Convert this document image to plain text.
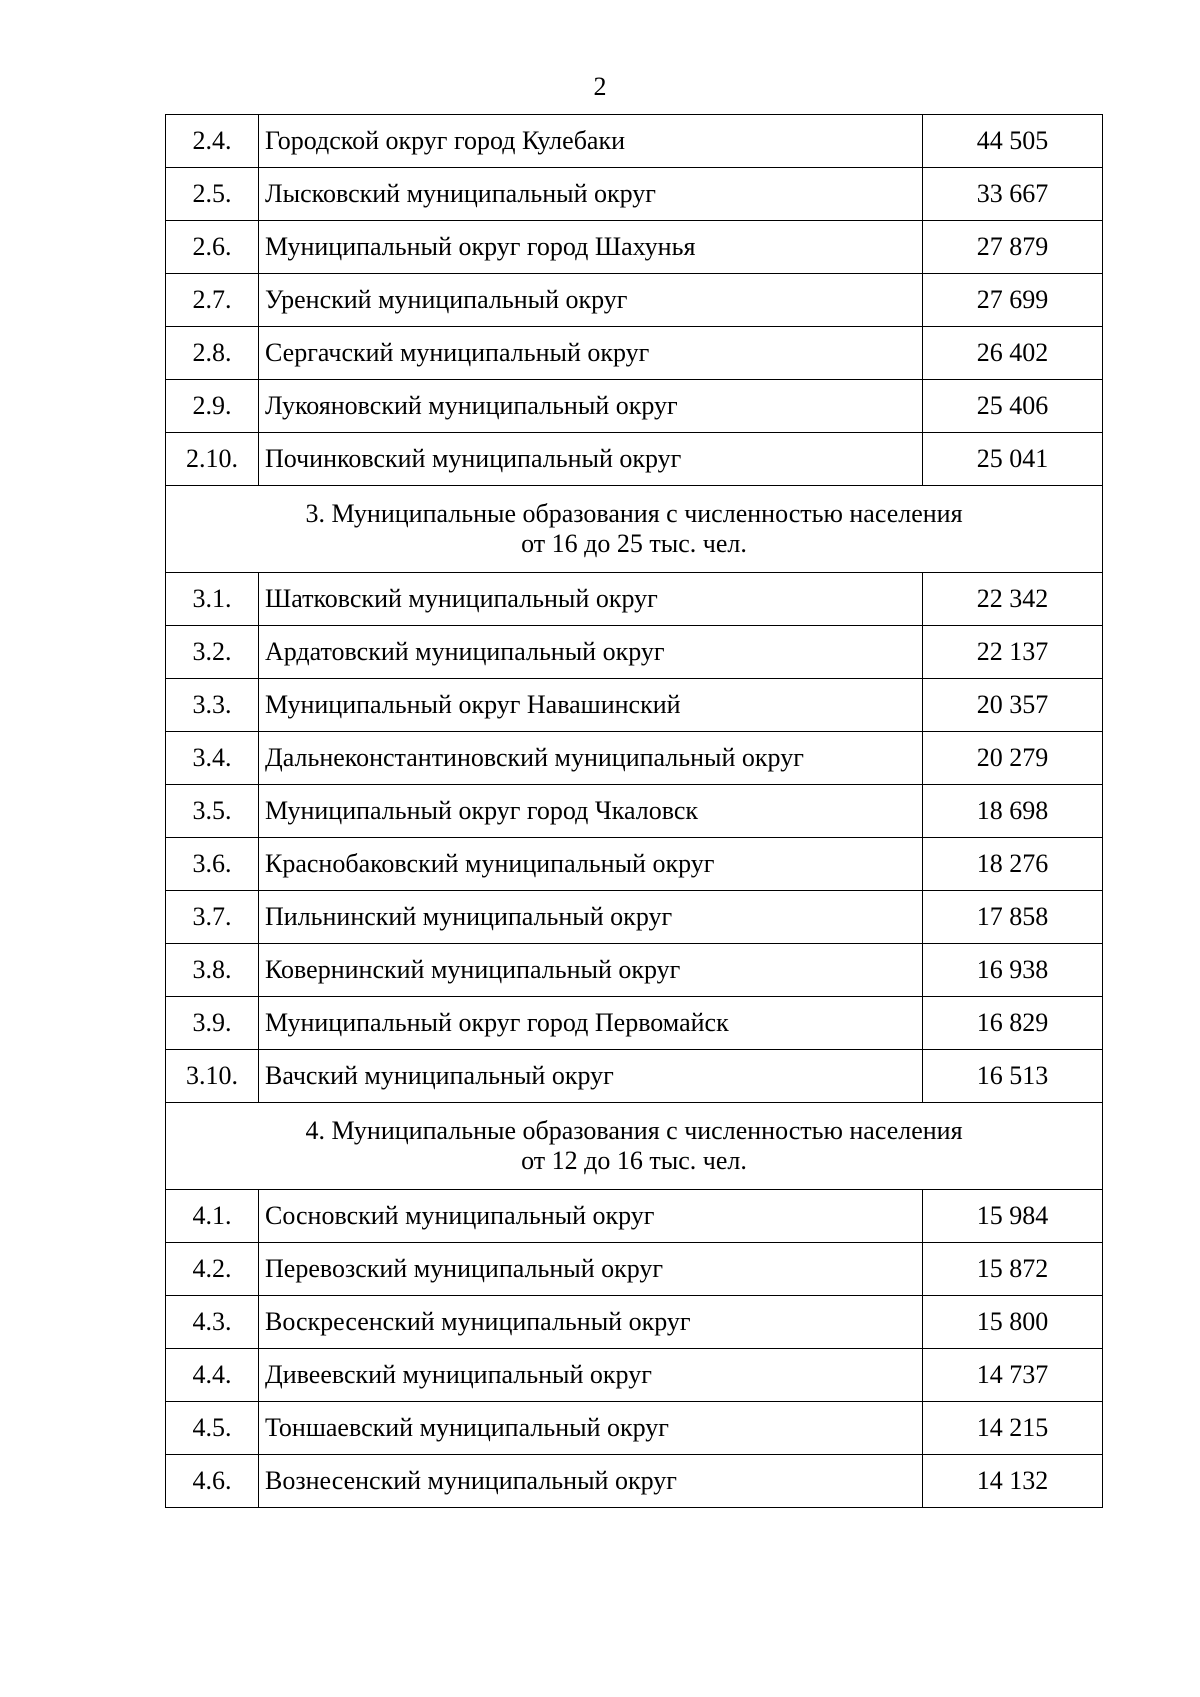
2
2.4.	Городской округ город Кулебаки	44 505
2.5.	Лысковский муниципальный округ	33 667
2.6.	Муниципальный округ город Шахунья	27 879
2.7.	Уренский муниципальный округ	27 699
2.8.	Сергачский муниципальный округ	26 402
2.9.	Лукояновский муниципальный округ	25 406
2.10.	Починковский муниципальный округ	25 041

3. Муниципальные образования с численностью населения
от 16 до 25 тыс. чел.		

3.1.	Шатковский муниципальный округ	22 342
3.2.	Ардатовский муниципальный округ	22 137
3.3.	Муниципальный округ Навашинский	20 357
3.4.	Дальнеконстантиновский муниципальный округ	20 279
3.5.	Муниципальный округ город Чкаловск	18 698
3.6.	Краснобаковский муниципальный округ	18 276
3.7.	Пильнинский муниципальный округ	17 858
3.8.	Ковернинский муниципальный округ	16 938
3.9.	Муниципальный округ город Первомайск	16 829
3.10.	Вачский муниципальный округ	16 513

4. Муниципальные образования с численностью населения
от 12 до 16 тыс. чел.		

4.1.	Сосновский муниципальный округ	15 984
4.2.	Перевозский муниципальный округ	15 872
4.3.	Воскресенский муниципальный округ	15 800
4.4.	Дивеевский муниципальный округ	14 737
4.5.	Тоншаевский муниципальный округ	14 215
4.6.	Вознесенский муниципальный округ	14 132
